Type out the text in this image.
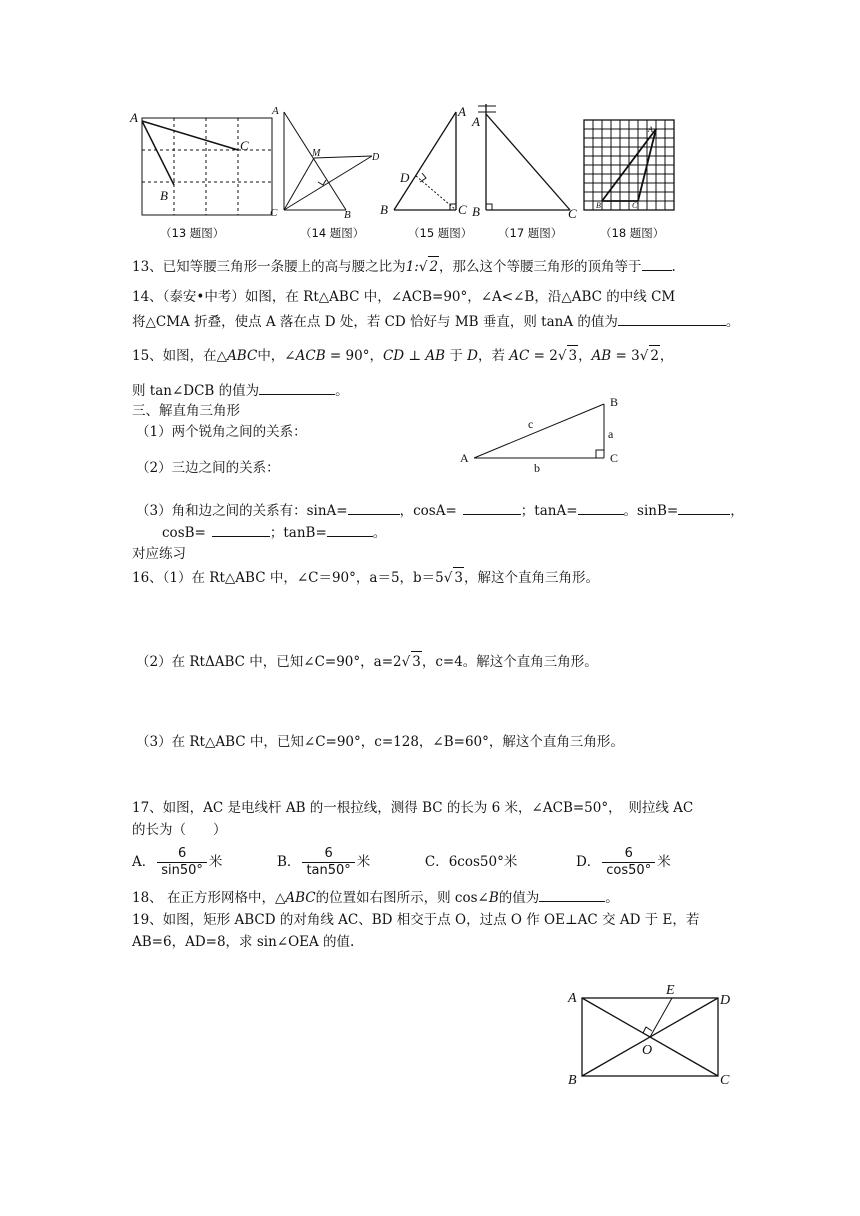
A
C
B
（13 题图）
A
M	D
C	B
（14 题图）
A
D
B	C
（15 题图）
A
B	C
（17 题图）
A
B	C
（18 题图）
13、已知等腰三角形一条腰上的高与腰之比为1:√ 2，那么这个等腰三角形的顶角等于 .
14、（泰安•中考）如图，在 Rt△ABC 中，∠ACB=90°，∠A<∠B，沿△ABC 的中线 CM
将△CMA 折叠，使点 A 落在点 D 处，若 CD 恰好与 MB 垂直，则 tanA 的值为	。
15、如图，在△ABC中，∠ACB = 90°，CD ⊥ AB 于 D，若 AC = 2√ 3，AB = 3√ 2，
则 tan∠DCB 的值为	。
三、解直角三角形
（1）两个锐角之间的关系：
（2）三边之间的关系：
A
B
C
a
b
c
（3）角和边之间的关系有：sinA=	，cosA=	；tanA=	。sinB=	，
cosB=	；tanB=	。
对应练习
16、（1）在 Rt△ABC 中，∠C＝90°，a＝5，b＝5√ 3，解这个直角三角形。
（2）在 RtΔABC 中，已知∠C=90°，a=2√ 3，c=4。解这个直角三角形。
（3）在 Rt△ABC 中，已知∠C=90°，c=128，∠B=60°，解这个直角三角形。
17、如图，AC 是电线杆 AB 的一根拉线，测得 BC 的长为 6 米，∠ACB=50°，　则拉线 AC
的长为（　　）
A． $\frac{6}{\sin 50^\circ}$ 米	B． $\frac{6}{\tan 50^\circ}$ 米	C．6cos50°米	D． $\frac{6}{\cos 50^\circ}$ 米
18、 在正方形网格中，△ABC的位置如右图所示，则 cos∠B的值为	。
19、如图，矩形 ABCD 的对角线 AC、BD 相交于点 O，过点 O 作 OE⊥AC 交 AD 于 E，若
AB=6，AD=8，求 sin∠OEA 的值.
A	D
B	C
E
O
